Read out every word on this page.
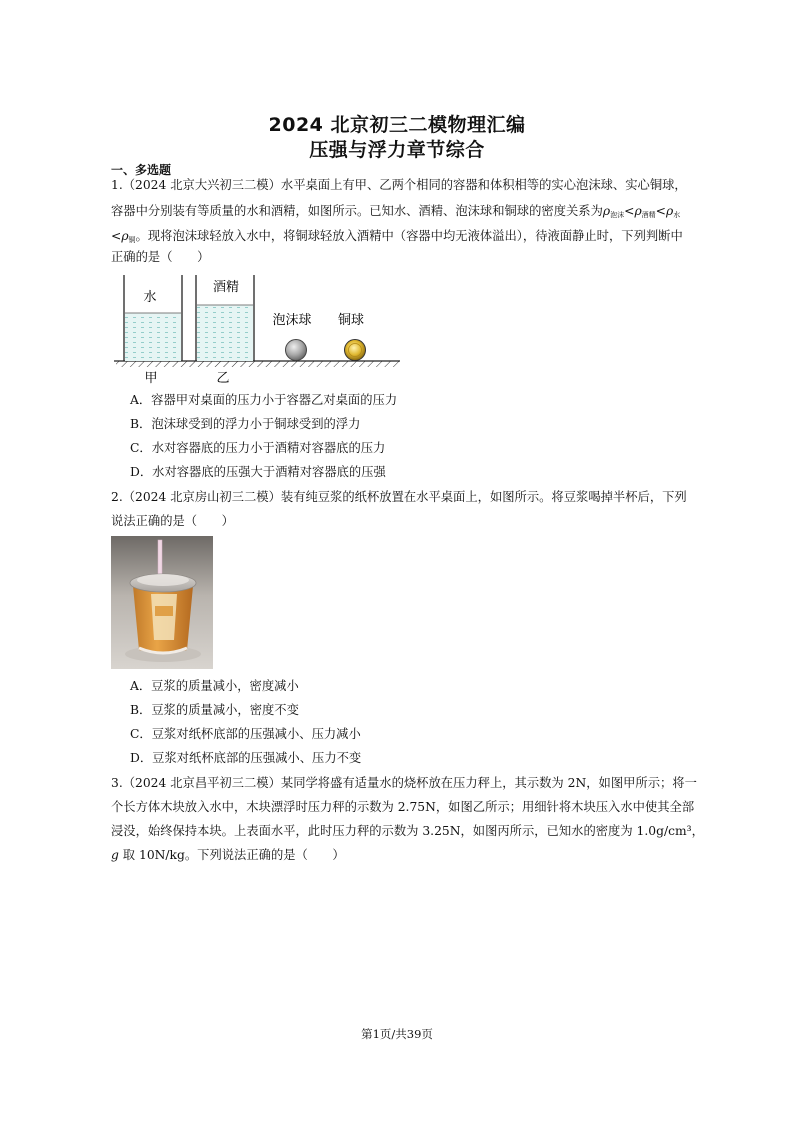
2024 北京初三二模物理汇编
压强与浮力章节综合
一、多选题
1.（2024 北京大兴初三二模）水平桌面上有甲、乙两个相同的容器和体积相等的实心泡沫球、实心铜球，
容器中分别装有等质量的水和酒精，如图所示。已知水、酒精、泡沫球和铜球的密度关系为$\rho_{泡沫}<\rho_{酒精}<\rho_水$
$<\rho_铜$。现将泡沫球轻放入水中，将铜球轻放入酒精中（容器中均无液体溢出），待液面静止时，下列判断中
正确的是（　　）
水
酒精
泡沫球 铜球
甲	乙
A．容器甲对桌面的压力小于容器乙对桌面的压力
B．泡沫球受到的浮力小于铜球受到的浮力
C．水对容器底的压力小于酒精对容器底的压力
D．水对容器底的压强大于酒精对容器底的压强
2.（2024 北京房山初三二模）装有纯豆浆的纸杯放置在水平桌面上，如图所示。将豆浆喝掉半杯后，下列
说法正确的是（　　）
A．豆浆的质量减小，密度减小
B．豆浆的质量减小，密度不变
C．豆浆对纸杯底部的压强减小、压力减小
D．豆浆对纸杯底部的压强减小、压力不变
3.（2024 北京昌平初三二模）某同学将盛有适量水的烧杯放在压力秤上，其示数为 2N，如图甲所示；将一
个长方体木块放入水中，木块漂浮时压力秤的示数为 2.75N，如图乙所示；用细针将木块压入水中使其全部
浸没，始终保持本块。上表面水平，此时压力秤的示数为 3.25N，如图丙所示，已知水的密度为 1.0g/cm³，
g 取 10N/kg。下列说法正确的是（　　）
第1页/共39页
